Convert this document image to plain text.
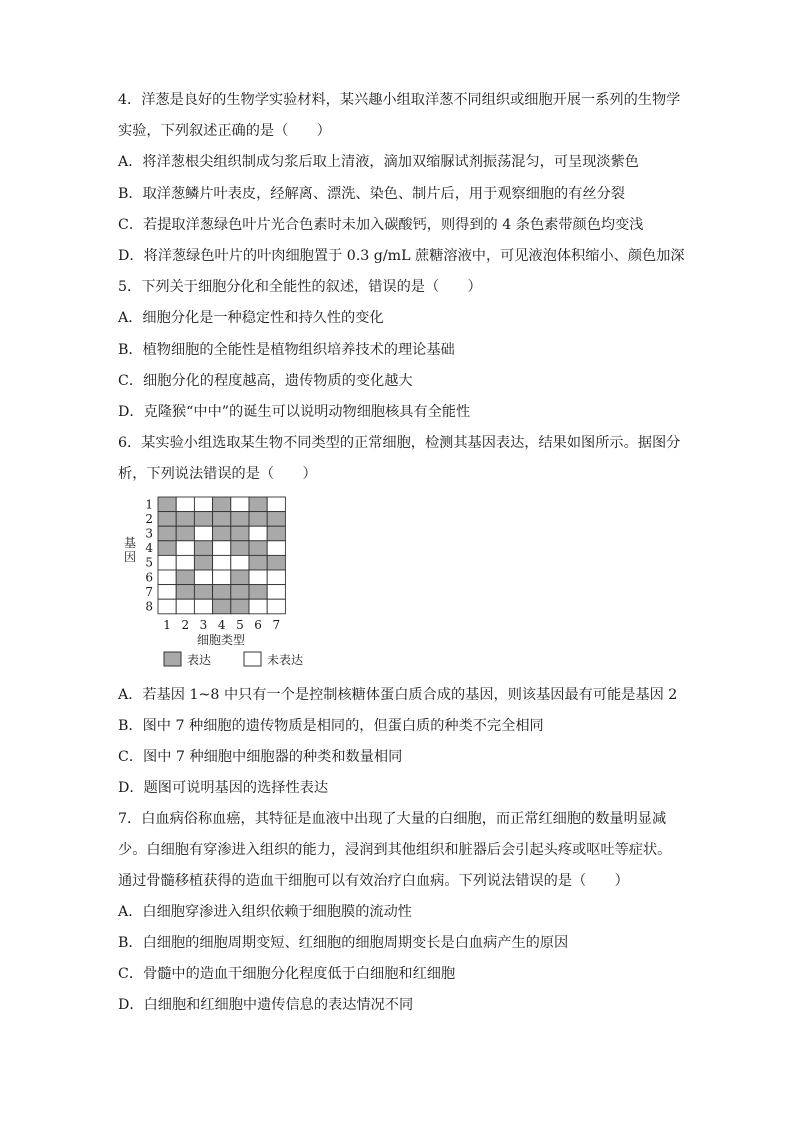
4．洋葱是良好的生物学实验材料，某兴趣小组取洋葱不同组织或细胞开展一系列的生物学
实验，下列叙述正确的是（　　）
A．将洋葱根尖组织制成匀浆后取上清液，滴加双缩脲试剂振荡混匀，可呈现淡紫色
B．取洋葱鳞片叶表皮，经解离、漂洗、染色、制片后，用于观察细胞的有丝分裂
C．若提取洋葱绿色叶片光合色素时未加入碳酸钙，则得到的 4 条色素带颜色均变浅
D．将洋葱绿色叶片的叶肉细胞置于 0.3 g/mL 蔗糖溶液中，可见液泡体积缩小、颜色加深
5．下列关于细胞分化和全能性的叙述，错误的是（　　）
A．细胞分化是一种稳定性和持久性的变化
B．植物细胞的全能性是植物组织培养技术的理论基础
C．细胞分化的程度越高，遗传物质的变化越大
D．克隆猴“中中”的诞生可以说明动物细胞核具有全能性
6．某实验小组选取某生物不同类型的正常细胞，检测其基因表达，结果如图所示。据图分
析，下列说法错误的是（　　）
基
因
1
2
3
4
5
6
7
8
1 2 3 4 5 6 7
细胞类型
表达	未表达
A．若基因 1~8 中只有一个是控制核糖体蛋白质合成的基因，则该基因最有可能是基因 2
B．图中 7 种细胞的遗传物质是相同的，但蛋白质的种类不完全相同
C．图中 7 种细胞中细胞器的种类和数量相同
D．题图可说明基因的选择性表达
7．白血病俗称血癌，其特征是血液中出现了大量的白细胞，而正常红细胞的数量明显减
少。白细胞有穿渗进入组织的能力，浸润到其他组织和脏器后会引起头疼或呕吐等症状。
通过骨髓移植获得的造血干细胞可以有效治疗白血病。下列说法错误的是（　　）
A．白细胞穿渗进入组织依赖于细胞膜的流动性
B．白细胞的细胞周期变短、红细胞的细胞周期变长是白血病产生的原因
C．骨髓中的造血干细胞分化程度低于白细胞和红细胞
D．白细胞和红细胞中遗传信息的表达情况不同
